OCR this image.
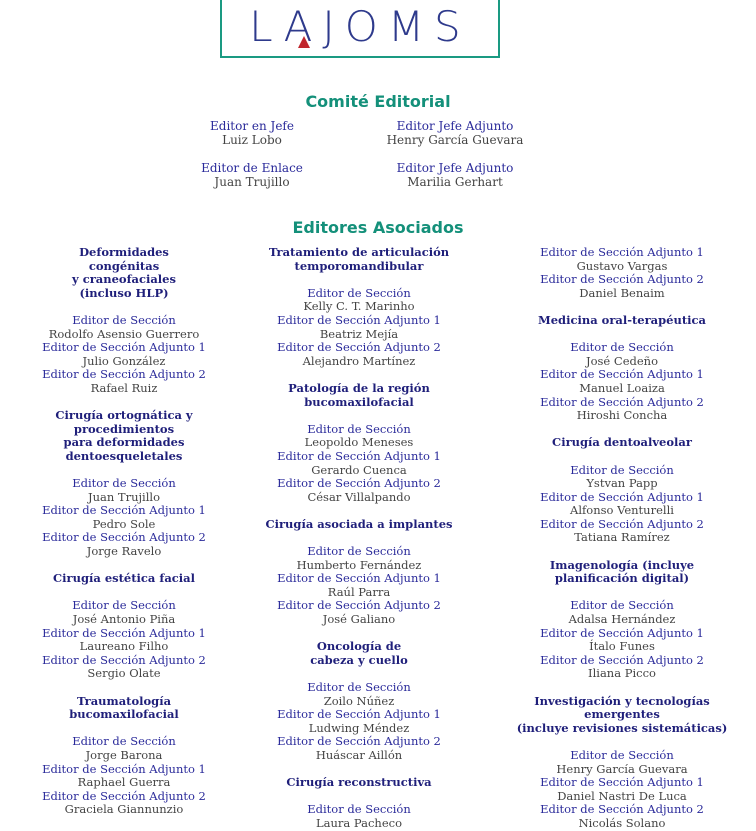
LAJOMS
Comité Editorial
Editor en Jefe
Luiz Lobo
Editor Jefe Adjunto
Henry García Guevara
Editor de Enlace
Juan Trujillo
Editor Jefe Adjunto
Marilia Gerhart
Editores Asociados
Deformidades
congénitas
y craneofaciales
(incluso HLP)
Editor de Sección
Rodolfo Asensio Guerrero
Editor de Sección Adjunto 1
Julio González
Editor de Sección Adjunto 2
Rafael Ruiz
Cirugía ortognática y
procedimientos
para deformidades
dentoesqueletales
Editor de Sección
Juan Trujillo
Editor de Sección Adjunto 1
Pedro Sole
Editor de Sección Adjunto 2
Jorge Ravelo
Cirugía estética facial
Editor de Sección
José Antonio Piña
Editor de Sección Adjunto 1
Laureano Filho
Editor de Sección Adjunto 2
Sergio Olate
Traumatología
bucomaxilofacial
Editor de Sección
Jorge Barona
Editor de Sección Adjunto 1
Raphael Guerra
Editor de Sección Adjunto 2
Graciela Giannunzio
Tratamiento de articulación
temporomandibular
Editor de Sección
Kelly C. T. Marinho
Editor de Sección Adjunto 1
Beatriz Mejía
Editor de Sección Adjunto 2
Alejandro Martínez
Patología de la región bucomaxilofacial
Editor de Sección
Leopoldo Meneses
Editor de Sección Adjunto 1
Gerardo Cuenca
Editor de Sección Adjunto 2
César Villalpando
Cirugía asociada a implantes
Editor de Sección
Humberto Fernández
Editor de Sección Adjunto 1
Raúl Parra
Editor de Sección Adjunto 2
José Galiano
Oncología de
cabeza y cuello
Editor de Sección
Zoilo Núñez
Editor de Sección Adjunto 1
Ludwing Méndez
Editor de Sección Adjunto 2
Huáscar Aillón
Cirugía reconstructiva
Editor de Sección
Laura Pacheco
Editor de Sección Adjunto 1
Gustavo Vargas
Editor de Sección Adjunto 2
Daniel Benaim
Medicina oral-terapéutica
Editor de Sección
José Cedeño
Editor de Sección Adjunto 1
Manuel Loaiza
Editor de Sección Adjunto 2
Hiroshi Concha
Cirugía dentoalveolar
Editor de Sección
Ystvan Papp
Editor de Sección Adjunto 1
Alfonso Venturelli
Editor de Sección Adjunto 2
Tatiana Ramírez
Imagenología (incluye
planificación digital)
Editor de Sección
Adalsa Hernández
Editor de Sección Adjunto 1
Ítalo Funes
Editor de Sección Adjunto 2
Iliana Picco
Investigación y tecnologías emergentes
(incluye revisiones sistemáticas)
Editor de Sección
Henry García Guevara
Editor de Sección Adjunto 1
Daniel Nastri De Luca
Editor de Sección Adjunto 2
Nicolás Solano
